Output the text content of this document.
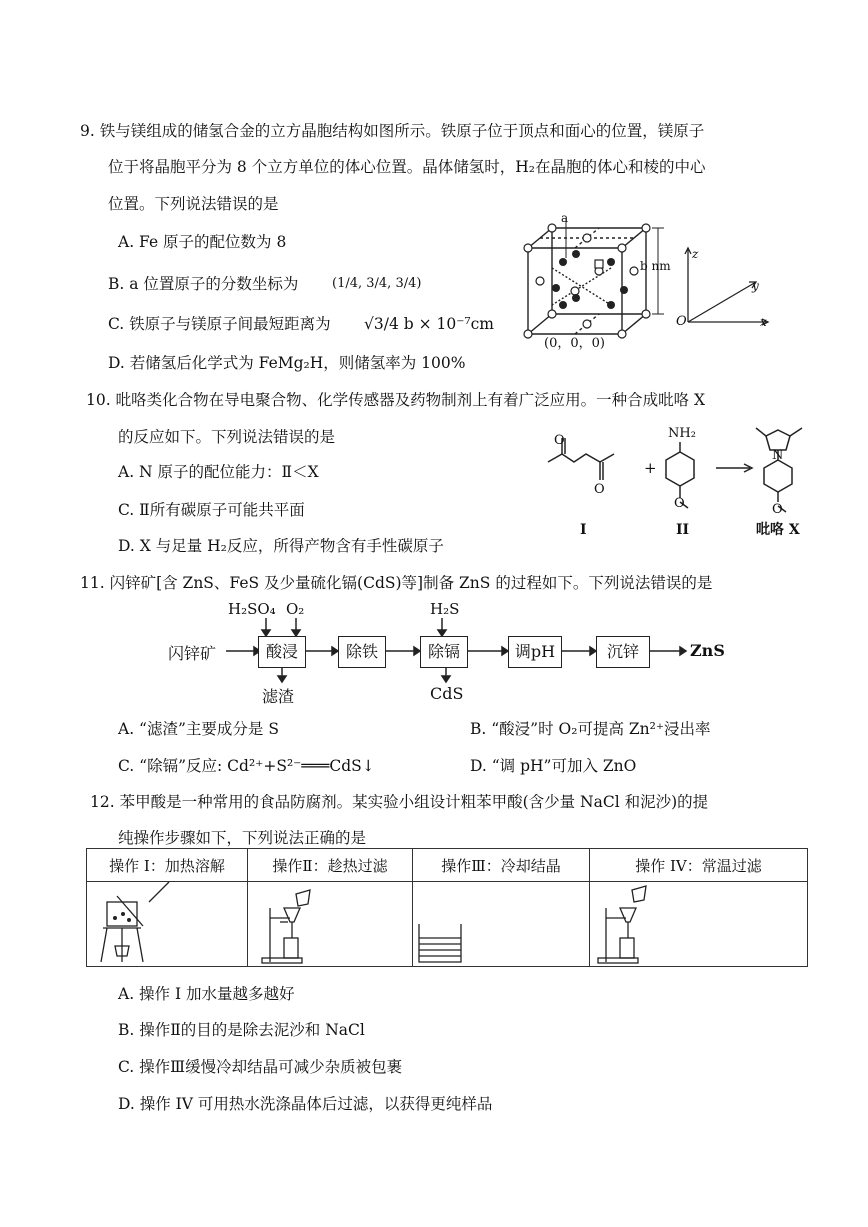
9. 铁与镁组成的储氢合金的立方晶胞结构如图所示。铁原子位于顶点和面心的位置，镁原子
位于将晶胞平分为 8 个立方单位的体心位置。晶体储氢时，H₂在晶胞的体心和棱的中心
位置。下列说法错误的是
A. Fe 原子的配位数为 8
B. a 位置原子的分数坐标为	(1/4, 3/4, 3/4)
C. 铁原子与镁原子间最短距离为 √3/4 b × 10⁻⁷cm
D. 若储氢后化学式为 FeMg₂H，则储氢率为 100%
a
b nm
(0，0，0)
z
y
x
O
10. 吡咯类化合物在导电聚合物、化学传感器及药物制剂上有着广泛应用。一种合成吡咯 X
的反应如下。下列说法错误的是
A. N 原子的配位能力：Ⅱ＜X
C. Ⅱ所有碳原子可能共平面
D. X 与足量 H₂反应，所得产物含有手性碳原子
O
O
NH₂
+
O
N
O
I	II	吡咯 X
11. 闪锌矿[含 ZnS、FeS 及少量硫化镉(CdS)等]制备 ZnS 的过程如下。下列说法错误的是
闪锌矿	酸浸	除铁	除镉	调pH	沉锌	ZnS
H₂SO₄ O₂	H₂S
滤渣	CdS
A. “滤渣”主要成分是 S	B. “酸浸”时 O₂可提高 Zn²⁺浸出率
C. “除镉”反应: Cd²⁺+S²⁻═══CdS↓	D. “调 pH”可加入 ZnO
12. 苯甲酸是一种常用的食品防腐剂。某实验小组设计粗苯甲酸(含少量 NaCl 和泥沙)的提
纯操作步骤如下，下列说法正确的是
操作 I：加热溶解	操作Ⅱ：趁热过滤	操作Ⅲ：冷却结晶	操作 IV：常温过滤

A. 操作 I 加水量越多越好
B. 操作Ⅱ的目的是除去泥沙和 NaCl
C. 操作Ⅲ缓慢冷却结晶可减少杂质被包裹
D. 操作 IV 可用热水洗涤晶体后过滤，以获得更纯样品
